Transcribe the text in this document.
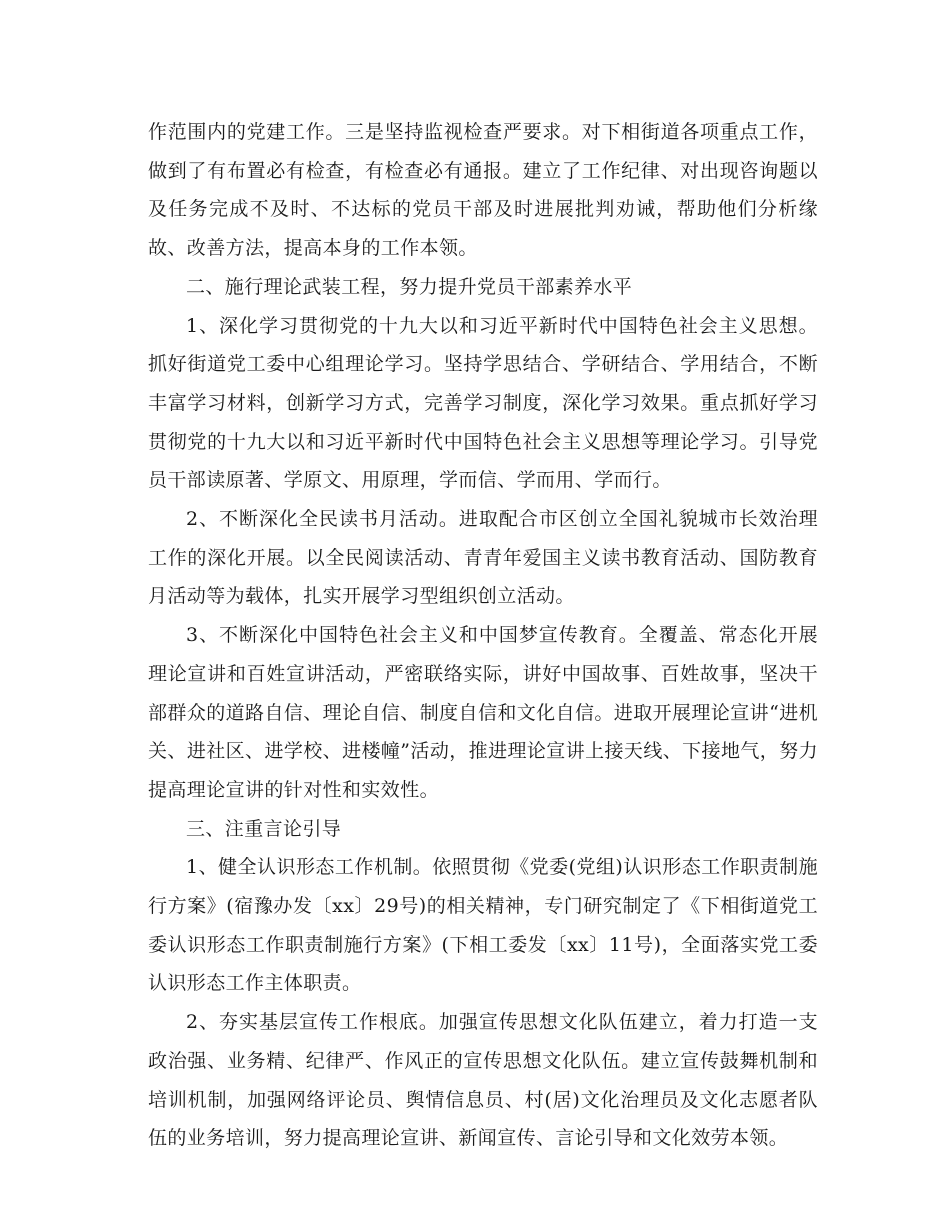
作范围内的党建工作。三是坚持监视检查严要求。对下相街道各项重点工作，做到了有布置必有检查，有检查必有通报。建立了工作纪律、对出现咨询题以及任务完成不及时、不达标的党员干部及时进展批判劝诫，帮助他们分析缘故、改善方法，提高本身的工作本领。

二、施行理论武装工程，努力提升党员干部素养水平

1、深化学习贯彻党的十九大以和习近平新时代中国特色社会主义思想。抓好街道党工委中心组理论学习。坚持学思结合、学研结合、学用结合，不断丰富学习材料，创新学习方式，完善学习制度，深化学习效果。重点抓好学习贯彻党的十九大以和习近平新时代中国特色社会主义思想等理论学习。引导党员干部读原著、学原文、用原理，学而信、学而用、学而行。

2、不断深化全民读书月活动。进取配合市区创立全国礼貌城市长效治理工作的深化开展。以全民阅读活动、青青年爱国主义读书教育活动、国防教育月活动等为载体，扎实开展学习型组织创立活动。

3、不断深化中国特色社会主义和中国梦宣传教育。全覆盖、常态化开展理论宣讲和百姓宣讲活动，严密联络实际，讲好中国故事、百姓故事，坚决干部群众的道路自信、理论自信、制度自信和文化自信。进取开展理论宣讲“进机关、进社区、进学校、进楼幢”活动，推进理论宣讲上接天线、下接地气，努力提高理论宣讲的针对性和实效性。

三、注重言论引导

1、健全认识形态工作机制。依照贯彻《党委(党组)认识形态工作职责制施行方案》(宿豫办发〔xx〕29号)的相关精神，专门研究制定了《下相街道党工委认识形态工作职责制施行方案》(下相工委发〔xx〕11号)，全面落实党工委认识形态工作主体职责。

2、夯实基层宣传工作根底。加强宣传思想文化队伍建立，着力打造一支政治强、业务精、纪律严、作风正的宣传思想文化队伍。建立宣传鼓舞机制和培训机制，加强网络评论员、舆情信息员、村(居)文化治理员及文化志愿者队伍的业务培训，努力提高理论宣讲、新闻宣传、言论引导和文化效劳本领。
